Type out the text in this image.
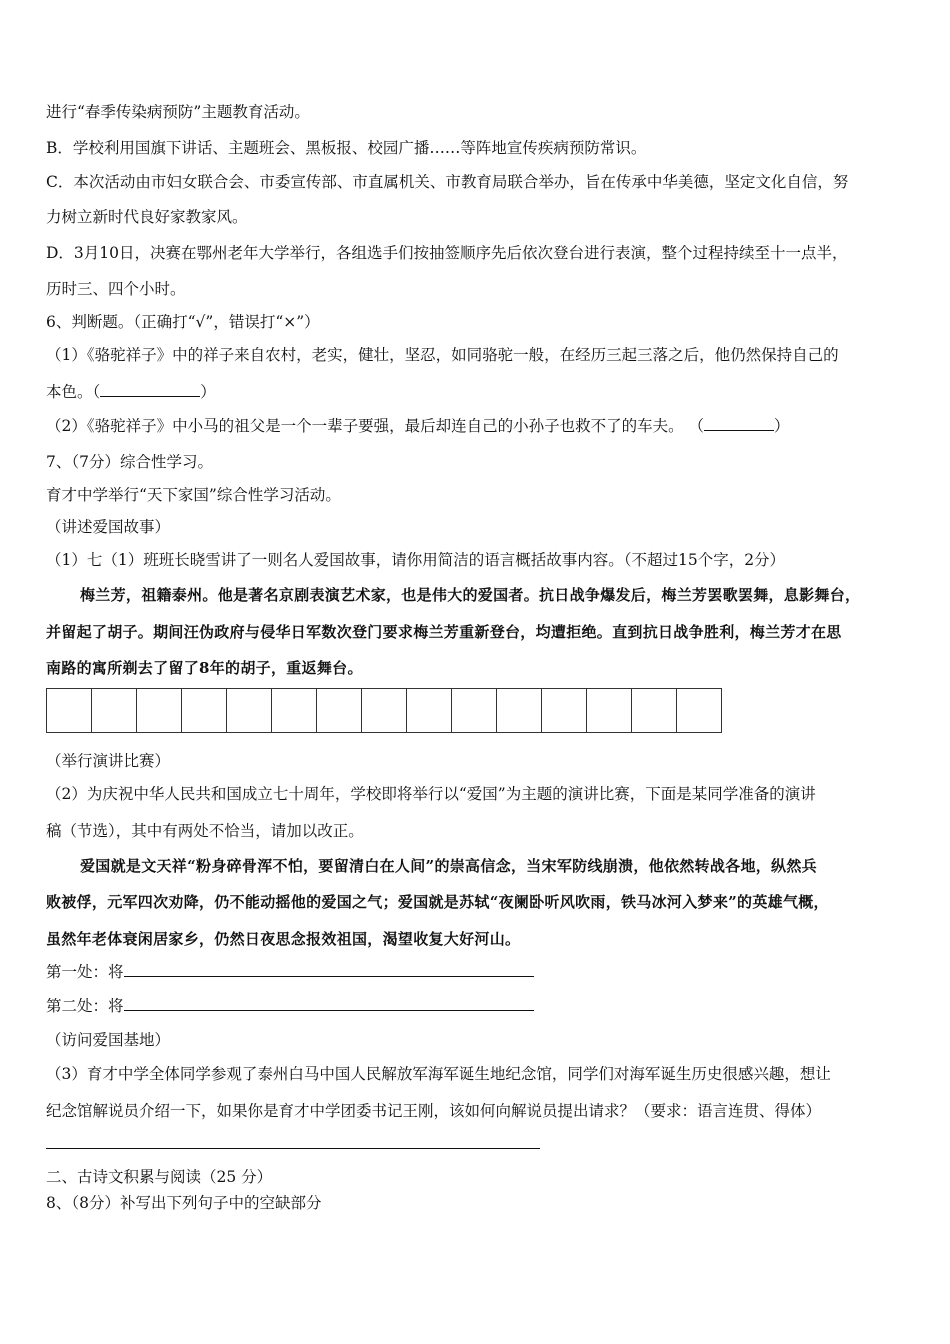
进行“春季传染病预防”主题教育活动。
B．学校利用国旗下讲话、主题班会、黑板报、校园广播……等阵地宣传疾病预防常识。
C．本次活动由市妇女联合会、市委宣传部、市直属机关、市教育局联合举办，旨在传承中华美德，坚定文化自信，努
力树立新时代良好家教家风。
D．3月10日，决赛在鄂州老年大学举行，各组选手们按抽签顺序先后依次登台进行表演，整个过程持续至十一点半，
历时三、四个小时。
6、判断题。（正确打“√”，错误打“×”）
（1）《骆驼祥子》中的祥子来自农村，老实，健壮，坚忍，如同骆驼一般，在经历三起三落之后，他仍然保持自己的
本色。（	）
（2）《骆驼祥子》中小马的祖父是一个一辈子要强，最后却连自己的小孙子也救不了的车夫。 （	）
7、（7分）综合性学习。
育才中学举行“天下家国”综合性学习活动。
（讲述爱国故事）
（1）七（1）班班长晓雪讲了一则名人爱国故事，请你用简洁的语言概括故事内容。（不超过15个字，2分）
梅兰芳，祖籍泰州。他是著名京剧表演艺术家，也是伟大的爱国者。抗日战争爆发后，梅兰芳罢歌罢舞，息影舞台，
并留起了胡子。期间汪伪政府与侵华日军数次登门要求梅兰芳重新登台，均遭拒绝。直到抗日战争胜利，梅兰芳才在思
南路的寓所剃去了留了8年的胡子，重返舞台。
（举行演讲比赛）
（2）为庆祝中华人民共和国成立七十周年，学校即将举行以“爱国”为主题的演讲比赛，下面是某同学准备的演讲
稿（节选），其中有两处不恰当，请加以改正。
爱国就是文天祥“粉身碎骨浑不怕，要留清白在人间”的崇高信念，当宋军防线崩溃，他依然转战各地，纵然兵
败被俘，元军四次劝降，仍不能动摇他的爱国之气；爱国就是苏轼“夜阑卧听风吹雨，铁马冰河入梦来”的英雄气概，
虽然年老体衰闲居家乡，仍然日夜思念报效祖国，渴望收复大好河山。
第一处：将
第二处：将
（访问爱国基地）
（3）育才中学全体同学参观了泰州白马中国人民解放军海军诞生地纪念馆，同学们对海军诞生历史很感兴趣，想让
纪念馆解说员介绍一下，如果你是育才中学团委书记王刚，该如何向解说员提出请求？（要求：语言连贯、得体）
二、古诗文积累与阅读（25 分）
8、（8分）补写出下列句子中的空缺部分
